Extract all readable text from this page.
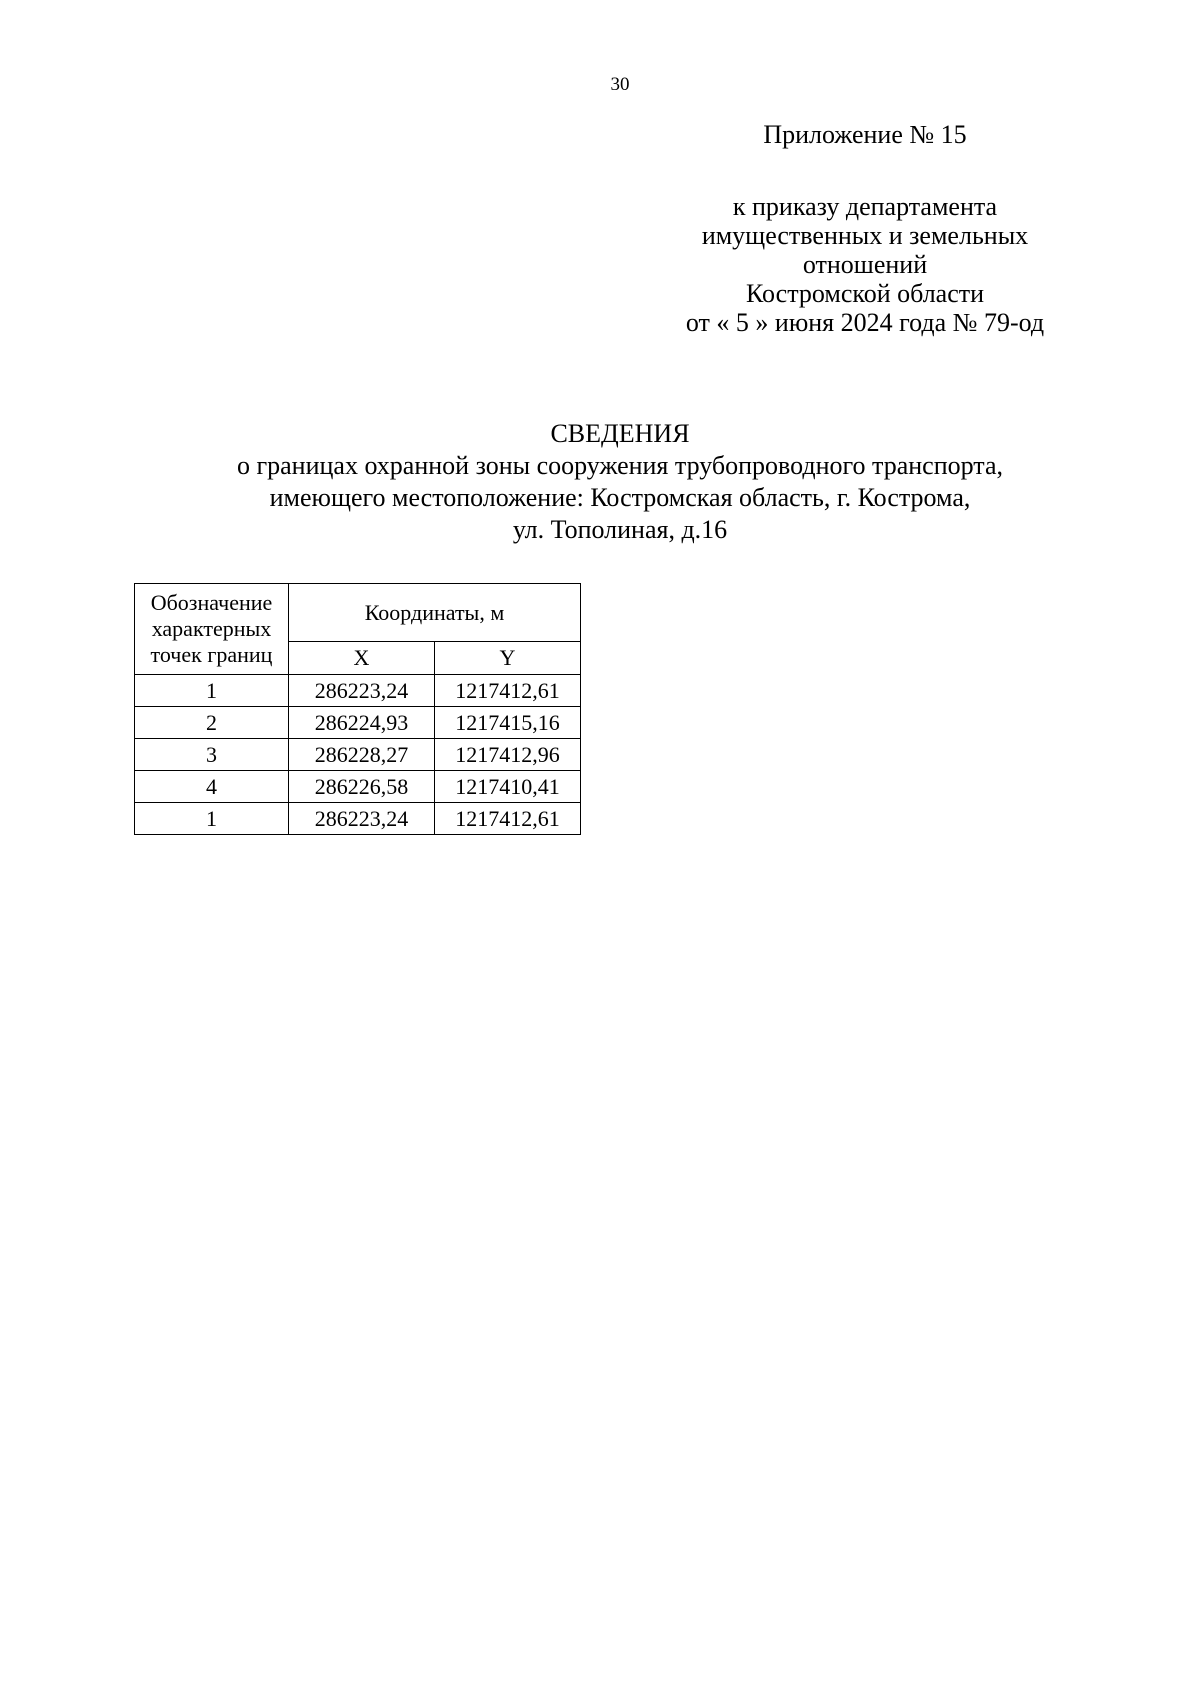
30
Приложение № 15
к приказу департамента
имущественных и земельных
отношений
Костромской области
от « 5 » июня 2024 года № 79-од
СВЕДЕНИЯ
о границах охранной зоны сооружения трубопроводного транспорта,
имеющего местоположение: Костромская область, г. Кострома,
ул. Тополиная, д.16
Обозначение
характерных
точек границ	Координаты, м	
	X	Y
1	286223,24	1217412,61
2	286224,93	1217415,16
3	286228,27	1217412,96
4	286226,58	1217410,41
1	286223,24	1217412,61
